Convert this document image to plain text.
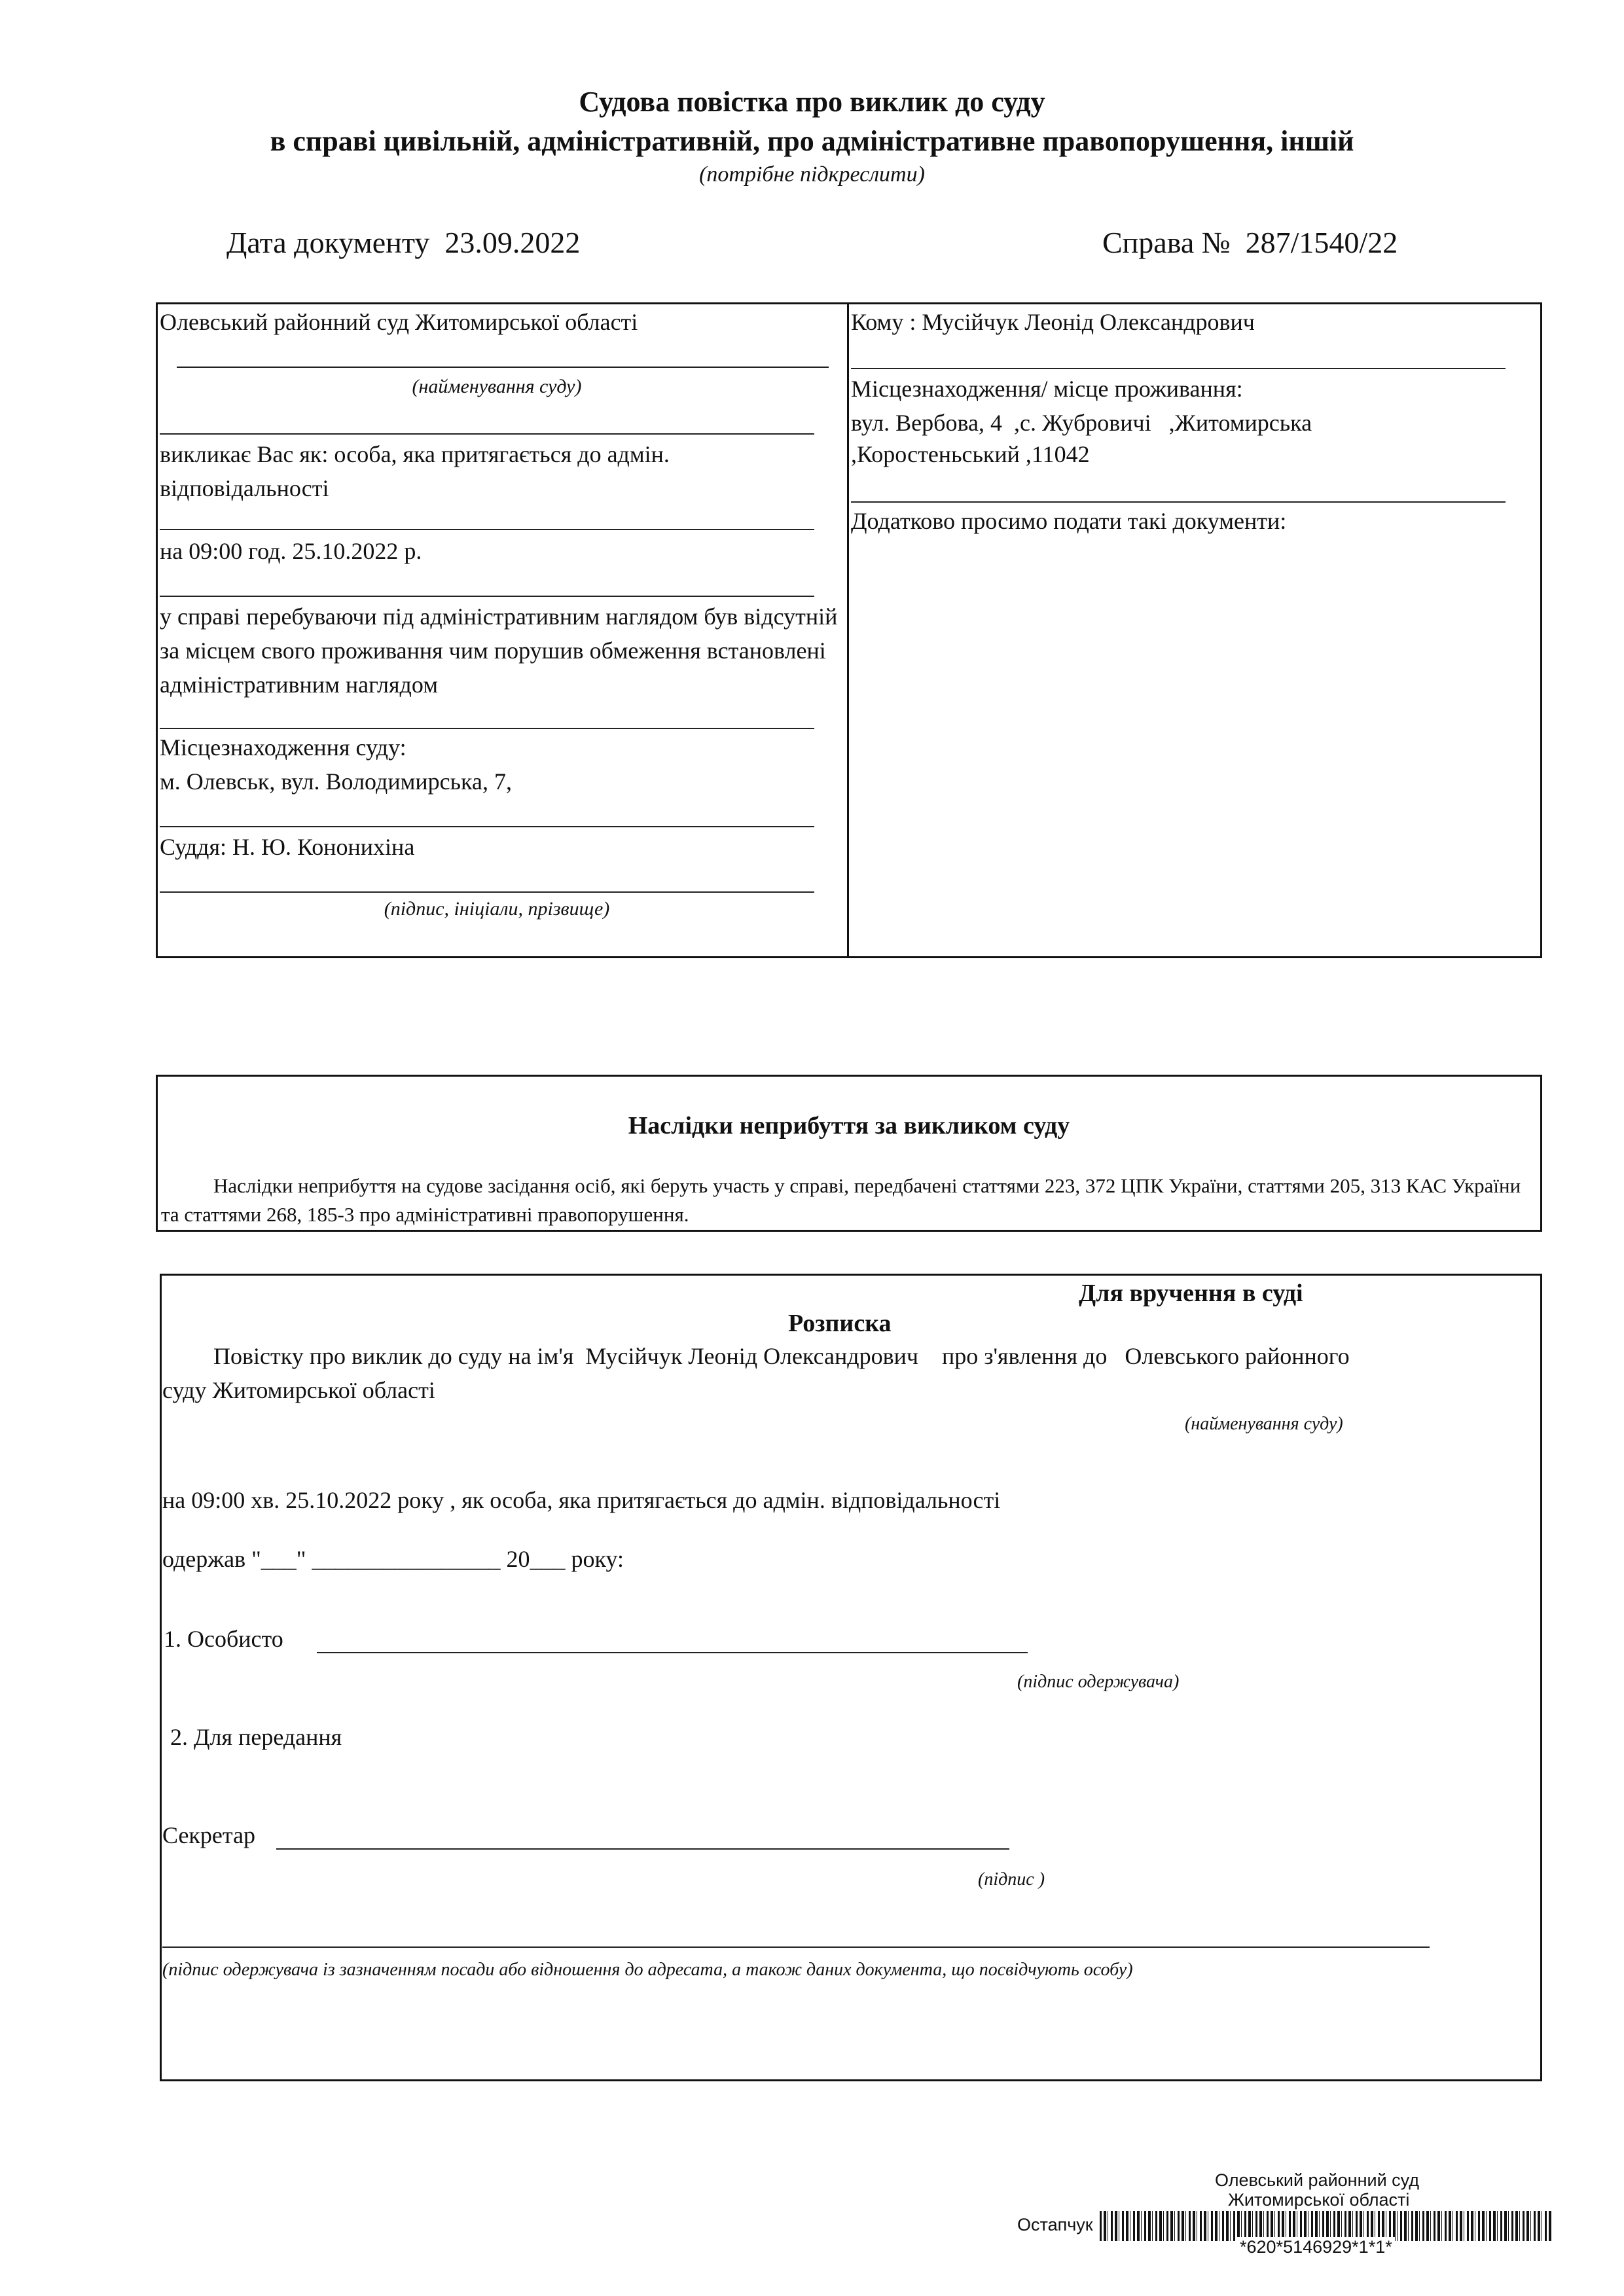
Судова повістка про виклик до суду
в справі цивільній, адміністративній, про адміністративне правопорушення, іншій
(потрібне підкреслити)
Дата документу 23.09.2022	Справа № 287/1540/22
Олевський районний суд Житомирської області
(найменування суду)
викликає Вас як: особа, яка притягається до адмін. відповідальності
на 09:00 год. 25.10.2022 р.
у справі перебуваючи під адміністративним наглядом був відсутній за місцем свого проживання чим порушив обмеження встановлені адміністративним наглядом
Місцезнаходження суду:
м. Олевськ, вул. Володимирська, 7,
Суддя: Н. Ю. Кононихіна
(підпис, ініціали, прізвище)
Кому : Мусійчук Леонід Олександрович
Місцезнаходження/ місце проживання:
вул. Вербова, 4  ,с. Жубровичі   ,Житомирська
,Коростеньський ,11042
Додатково просимо подати такі документи:
Наслідки неприбуття за викликом суду
Наслідки неприбуття на судове засідання осіб, які беруть участь у справі, передбачені статтями 223, 372 ЦПК України, статтями 205, 313 КАС України та статтями 268, 185-3 про адміністративні правопорушення.
Для вручення в суді
Розписка
Повістку про виклик до суду на ім'я Мусійчук Леонід Олександрович про з'явлення до Олевського районного
суду Житомирської області
(найменування суду)
на 09:00 хв. 25.10.2022 року , як особа, яка притягається до адмін. відповідальності
одержав "___" ________________ 20___ року:
1. Особисто
(підпис одержувача)
2. Для передання
Секретар
(підпис )
(підпис одержувача із зазначенням посади або відношення до адресата, а також даних документа, що посвідчують особу)
Олевський районний суд
Житомирської області
Остапчук
*620*5146929*1*1*
